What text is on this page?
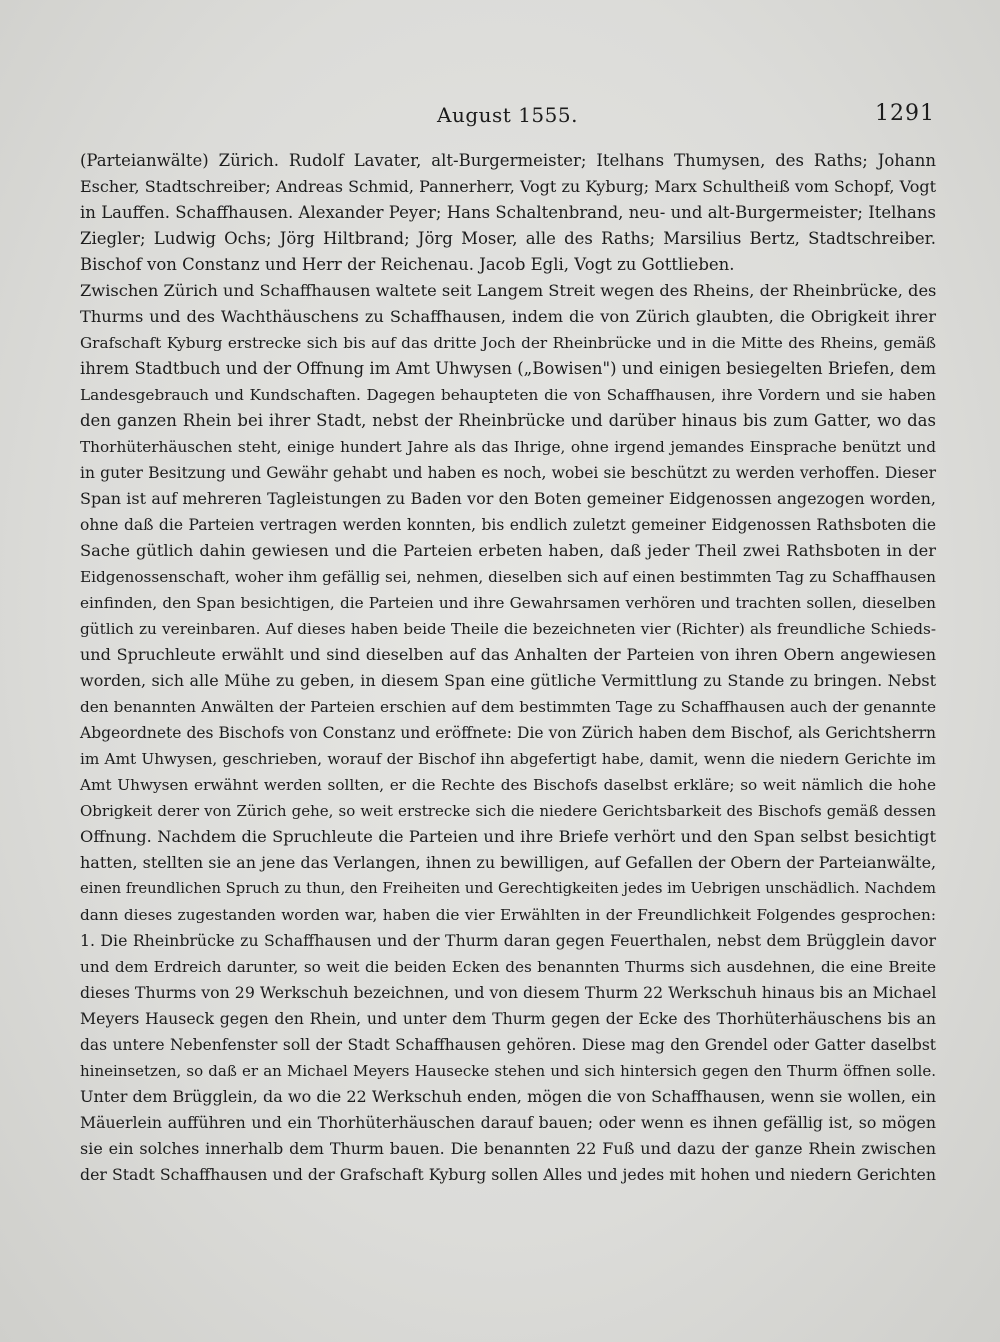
August 1555.	1291
(Parteianwälte) Zürich. Rudolf Lavater, alt-Burgermeister; Itelhans Thumysen, des Raths; Johann
Escher, Stadtschreiber; Andreas Schmid, Pannerherr, Vogt zu Kyburg; Marx Schultheiß vom Schopf, Vogt
in Lauffen. Schaffhausen. Alexander Peyer; Hans Schaltenbrand, neu- und alt-Burgermeister; Itelhans
Ziegler; Ludwig Ochs; Jörg Hiltbrand; Jörg Moser, alle des Raths; Marsilius Bertz, Stadtschreiber.
Bischof von Constanz und Herr der Reichenau. Jacob Egli, Vogt zu Gottlieben.
Zwischen Zürich und Schaffhausen waltete seit Langem Streit wegen des Rheins, der Rheinbrücke, des
Thurms und des Wachthäuschens zu Schaffhausen, indem die von Zürich glaubten, die Obrigkeit ihrer
Grafschaft Kyburg erstrecke sich bis auf das dritte Joch der Rheinbrücke und in die Mitte des Rheins, gemäß
ihrem Stadtbuch und der Offnung im Amt Uhwysen („Bowisen") und einigen besiegelten Briefen, dem
Landesgebrauch und Kundschaften. Dagegen behaupteten die von Schaffhausen, ihre Vordern und sie haben
den ganzen Rhein bei ihrer Stadt, nebst der Rheinbrücke und darüber hinaus bis zum Gatter, wo das
Thorhüterhäuschen steht, einige hundert Jahre als das Ihrige, ohne irgend jemandes Einsprache benützt und
in guter Besitzung und Gewähr gehabt und haben es noch, wobei sie beschützt zu werden verhoffen. Dieser
Span ist auf mehreren Tagleistungen zu Baden vor den Boten gemeiner Eidgenossen angezogen worden,
ohne daß die Parteien vertragen werden konnten, bis endlich zuletzt gemeiner Eidgenossen Rathsboten die
Sache gütlich dahin gewiesen und die Parteien erbeten haben, daß jeder Theil zwei Rathsboten in der
Eidgenossenschaft, woher ihm gefällig sei, nehmen, dieselben sich auf einen bestimmten Tag zu Schaffhausen
einfinden, den Span besichtigen, die Parteien und ihre Gewahrsamen verhören und trachten sollen, dieselben
gütlich zu vereinbaren. Auf dieses haben beide Theile die bezeichneten vier (Richter) als freundliche Schieds-
und Spruchleute erwählt und sind dieselben auf das Anhalten der Parteien von ihren Obern angewiesen
worden, sich alle Mühe zu geben, in diesem Span eine gütliche Vermittlung zu Stande zu bringen. Nebst
den benannten Anwälten der Parteien erschien auf dem bestimmten Tage zu Schaffhausen auch der genannte
Abgeordnete des Bischofs von Constanz und eröffnete: Die von Zürich haben dem Bischof, als Gerichtsherrn
im Amt Uhwysen, geschrieben, worauf der Bischof ihn abgefertigt habe, damit, wenn die niedern Gerichte im
Amt Uhwysen erwähnt werden sollten, er die Rechte des Bischofs daselbst erkläre; so weit nämlich die hohe
Obrigkeit derer von Zürich gehe, so weit erstrecke sich die niedere Gerichtsbarkeit des Bischofs gemäß dessen
Offnung. Nachdem die Spruchleute die Parteien und ihre Briefe verhört und den Span selbst besichtigt
hatten, stellten sie an jene das Verlangen, ihnen zu bewilligen, auf Gefallen der Obern der Parteianwälte,
einen freundlichen Spruch zu thun, den Freiheiten und Gerechtigkeiten jedes im Uebrigen unschädlich. Nachdem
dann dieses zugestanden worden war, haben die vier Erwählten in der Freundlichkeit Folgendes gesprochen:
1. Die Rheinbrücke zu Schaffhausen und der Thurm daran gegen Feuerthalen, nebst dem Brügglein davor
und dem Erdreich darunter, so weit die beiden Ecken des benannten Thurms sich ausdehnen, die eine Breite
dieses Thurms von 29 Werkschuh bezeichnen, und von diesem Thurm 22 Werkschuh hinaus bis an Michael
Meyers Hauseck gegen den Rhein, und unter dem Thurm gegen der Ecke des Thorhüterhäuschens bis an
das untere Nebenfenster soll der Stadt Schaffhausen gehören. Diese mag den Grendel oder Gatter daselbst
hineinsetzen, so daß er an Michael Meyers Hausecke stehen und sich hintersich gegen den Thurm öffnen solle.
Unter dem Brügglein, da wo die 22 Werkschuh enden, mögen die von Schaffhausen, wenn sie wollen, ein
Mäuerlein aufführen und ein Thorhüterhäuschen darauf bauen; oder wenn es ihnen gefällig ist, so mögen
sie ein solches innerhalb dem Thurm bauen. Die benannten 22 Fuß und dazu der ganze Rhein zwischen
der Stadt Schaffhausen und der Grafschaft Kyburg sollen Alles und jedes mit hohen und niedern Gerichten
